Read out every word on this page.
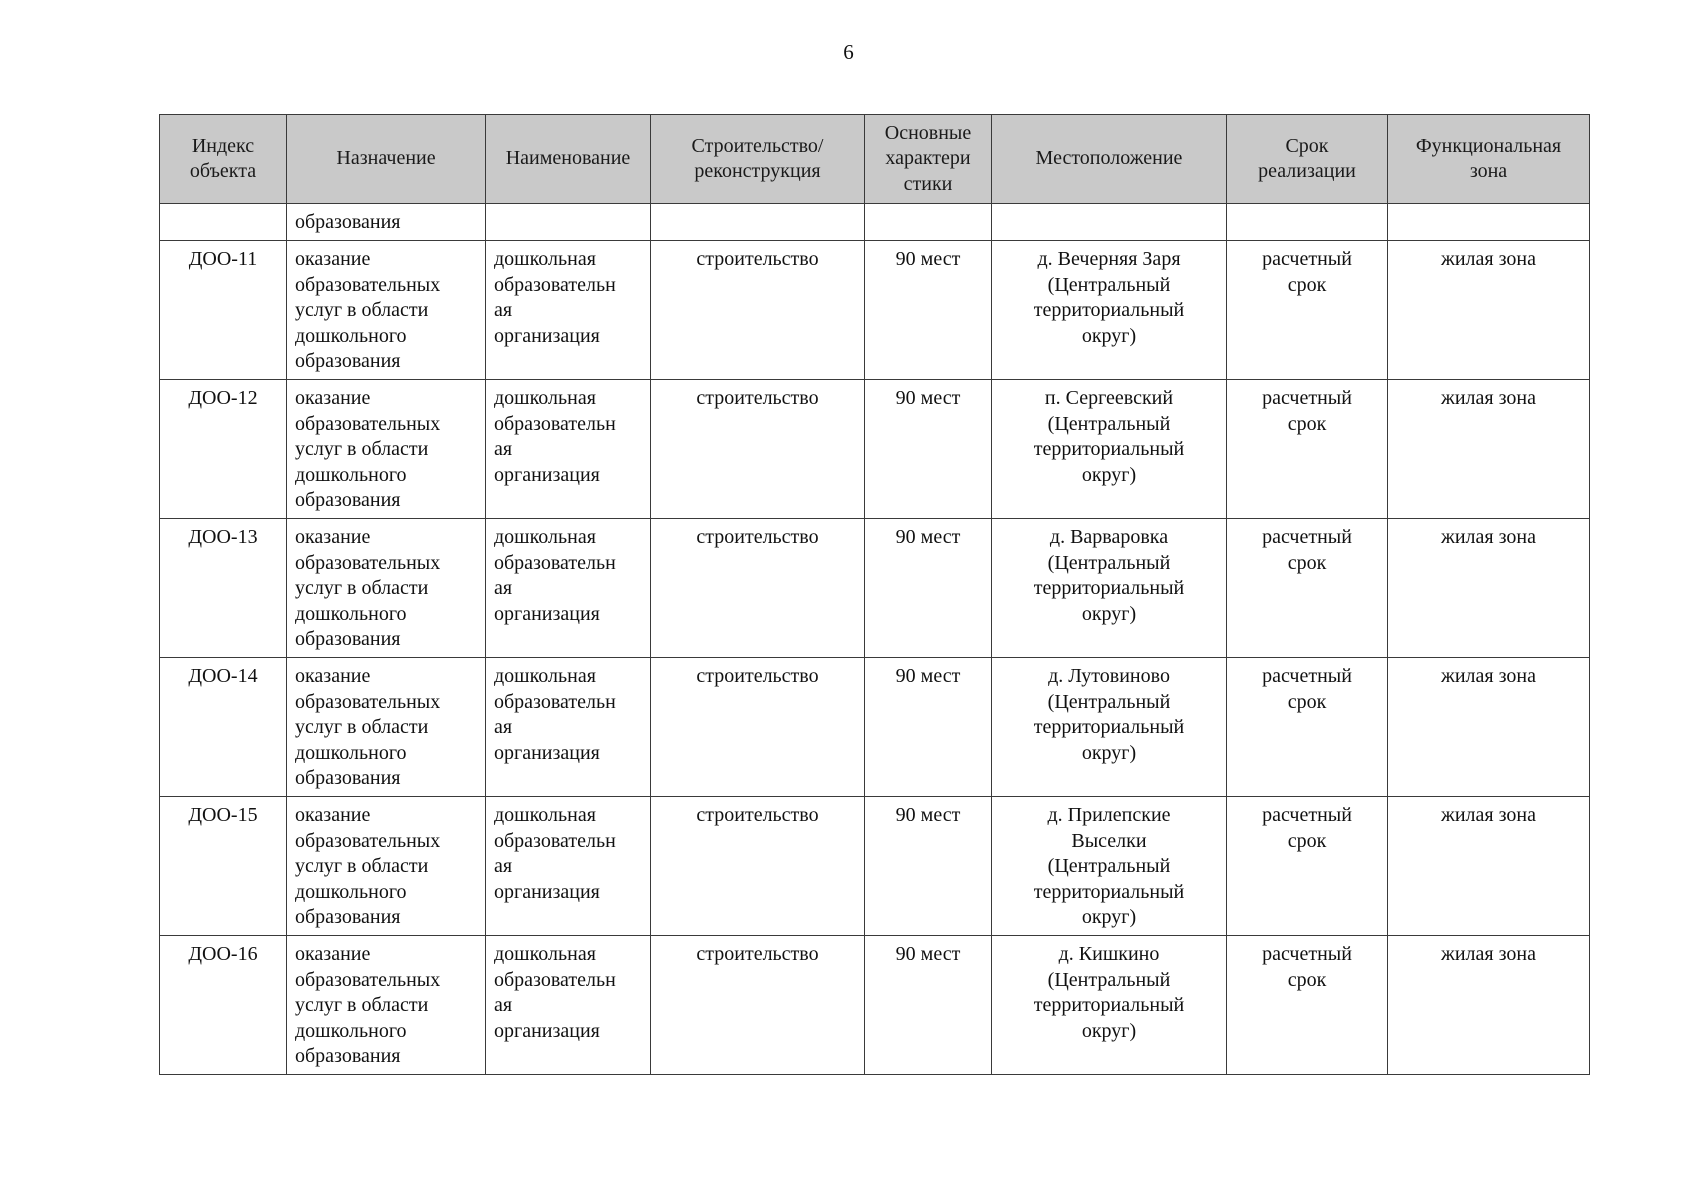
6
Индекс
объекта	Назначение	Наименование	Строительство/
реконструкция	Основные
характери
стики	Местоположение	Срок
реализации	Функциональная
зона

	образования						

ДОО-11	оказание
образовательных
услуг в области
дошкольного
образования	дошкольная
образовательн
ая
организация	строительство	90 мест	д. Вечерняя Заря
(Центральный
территориальный
округ)	расчетный
срок	жилая зона

ДОО-12	оказание
образовательных
услуг в области
дошкольного
образования	дошкольная
образовательн
ая
организация	строительство	90 мест	п. Сергеевский
(Центральный
территориальный
округ)	расчетный
срок	жилая зона

ДОО-13	оказание
образовательных
услуг в области
дошкольного
образования	дошкольная
образовательн
ая
организация	строительство	90 мест	д. Варваровка
(Центральный
территориальный
округ)	расчетный
срок	жилая зона

ДОО-14	оказание
образовательных
услуг в области
дошкольного
образования	дошкольная
образовательн
ая
организация	строительство	90 мест	д. Лутовиново
(Центральный
территориальный
округ)	расчетный
срок	жилая зона

ДОО-15	оказание
образовательных
услуг в области
дошкольного
образования	дошкольная
образовательн
ая
организация	строительство	90 мест	д. Прилепские
Выселки
(Центральный
территориальный
округ)	расчетный
срок	жилая зона

ДОО-16	оказание
образовательных
услуг в области
дошкольного
образования	дошкольная
образовательн
ая
организация	строительство	90 мест	д. Кишкино
(Центральный
территориальный
округ)	расчетный
срок	жилая зона
